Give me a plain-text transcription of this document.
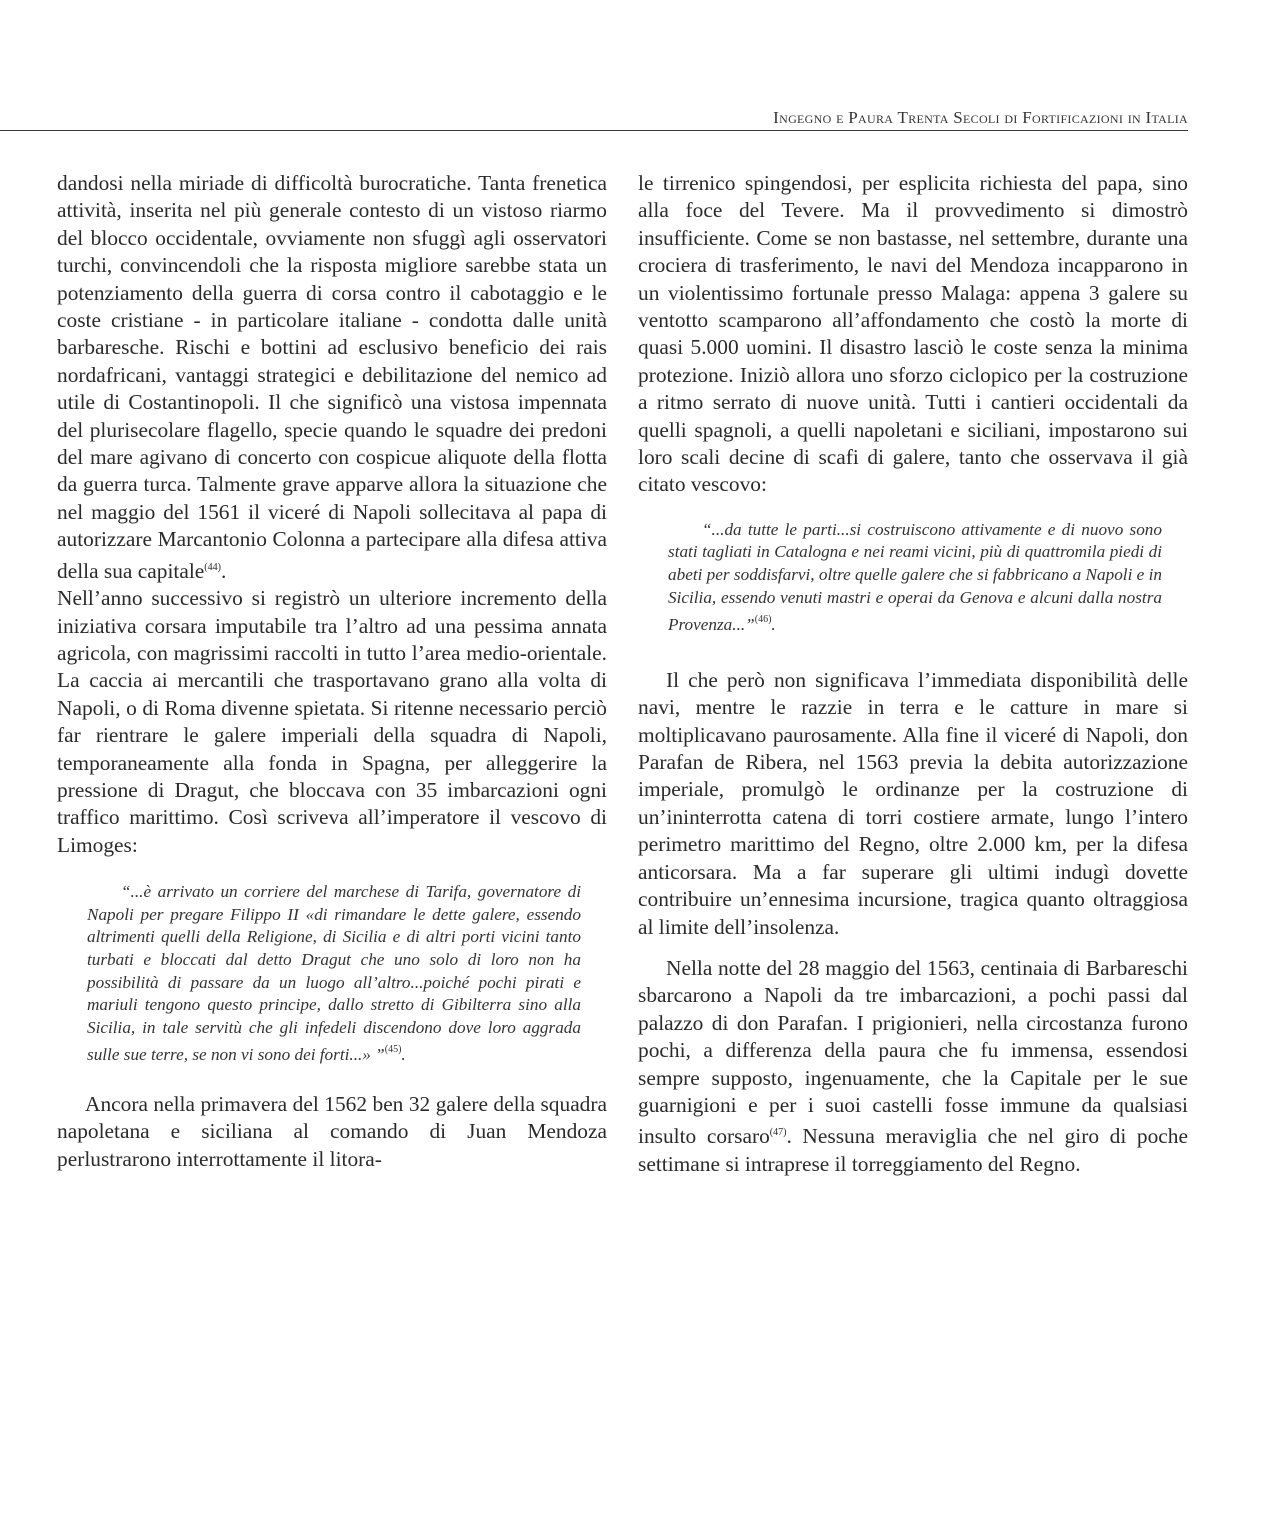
Ingegno e Paura Trenta Secoli di Fortificazioni in Italia

dandosi nella miriade di difficoltà burocratiche. Tanta frenetica attività, inserita nel più generale contesto di un vistoso riarmo del blocco occidentale, ovviamente non sfuggì agli osservatori turchi, convincendoli che la risposta migliore sarebbe stata un potenziamento della guerra di corsa contro il cabotaggio e le coste cristiane - in particolare italiane - condotta dalle unità barbaresche. Rischi e bottini ad esclusivo beneficio dei rais nordafricani, vantaggi strategici e debilitazione del nemico ad utile di Costantinopoli. Il che significò una vistosa impennata del plurisecolare flagello, specie quando le squadre dei predoni del mare agivano di concerto con cospicue aliquote della flotta da guerra turca. Talmente grave apparve allora la situazione che nel maggio del 1561 il viceré di Napoli sollecitava al papa di autorizzare Marcantonio Colonna a partecipare alla difesa attiva della sua capitale$^{(44)}$.

Nell’anno successivo si registrò un ulteriore incremento della iniziativa corsara imputabile tra l’altro ad una pessima annata agricola, con magrissimi raccolti in tutto l’area medio-orientale. La caccia ai mercantili che trasportavano grano alla volta di Napoli, o di Roma divenne spietata. Si ritenne necessario perciò far rientrare le galere imperiali della squadra di Napoli, temporaneamente alla fonda in Spagna, per alleggerire la pressione di Dragut, che bloccava con 35 imbarcazioni ogni traffico marittimo. Così scriveva all’imperatore il vescovo di Limoges:

“...è arrivato un corriere del marchese di Tarifa, governatore di Napoli per pregare Filippo II «di rimandare le dette galere, essendo altrimenti quelli della Religione, di Sicilia e di altri porti vicini tanto turbati e bloccati dal detto Dragut che uno solo di loro non ha possibilità di passare da un luogo all’altro...poiché pochi pirati e mariuli tengono questo principe, dallo stretto di Gibilterra sino alla Sicilia, in tale servitù che gli infedeli discendono dove loro aggrada sulle sue terre, se non vi sono dei forti...» ”$^{(45)}$.

Ancora nella primavera del 1562 ben 32 galere della squadra napoletana e siciliana al comando di Juan Mendoza perlustrarono interrottamente il litora-

le tirrenico spingendosi, per esplicita richiesta del papa, sino alla foce del Tevere. Ma il provvedimento si dimostrò insufficiente. Come se non bastasse, nel settembre, durante una crociera di trasferimento, le navi del Mendoza incapparono in un violentissimo fortunale presso Malaga: appena 3 galere su ventotto scamparono all’affondamento che costò la morte di quasi 5.000 uomini. Il disastro lasciò le coste senza la minima protezione. Iniziò allora uno sforzo ciclopico per la costruzione a ritmo serrato di nuove unità. Tutti i cantieri occidentali da quelli spagnoli, a quelli napoletani e siciliani, impostarono sui loro scali decine di scafi di galere, tanto che osservava il già citato vescovo:

“...da tutte le parti...si costruiscono attivamente e di nuovo sono stati tagliati in Catalogna e nei reami vicini, più di quattromila piedi di abeti per soddisfarvi, oltre quelle galere che si fabbricano a Napoli e in Sicilia, essendo venuti mastri e operai da Genova e alcuni dalla nostra Provenza...”$^{(46)}$.

Il che però non significava l’immediata disponibilità delle navi, mentre le razzie in terra e le catture in mare si moltiplicavano paurosamente. Alla fine il viceré di Napoli, don Parafan de Ribera, nel 1563 previa la debita autorizzazione imperiale, promulgò le ordinanze per la costruzione di un’ininterrotta catena di torri costiere armate, lungo l’intero perimetro marittimo del Regno, oltre 2.000 km, per la difesa anticorsara. Ma a far superare gli ultimi indugì dovette contribuire un’ennesima incursione, tragica quanto oltraggiosa al limite dell’insolenza.

Nella notte del 28 maggio del 1563, centinaia di Barbareschi sbarcarono a Napoli da tre imbarcazioni, a pochi passi dal palazzo di don Parafan. I prigionieri, nella circostanza furono pochi, a differenza della paura che fu immensa, essendosi sempre supposto, ingenuamente, che la Capitale per le sue guarnigioni e per i suoi castelli fosse immune da qualsiasi insulto corsaro$^{(47)}$. Nessuna meraviglia che nel giro di poche settimane si intraprese il torreggiamento del Regno.
